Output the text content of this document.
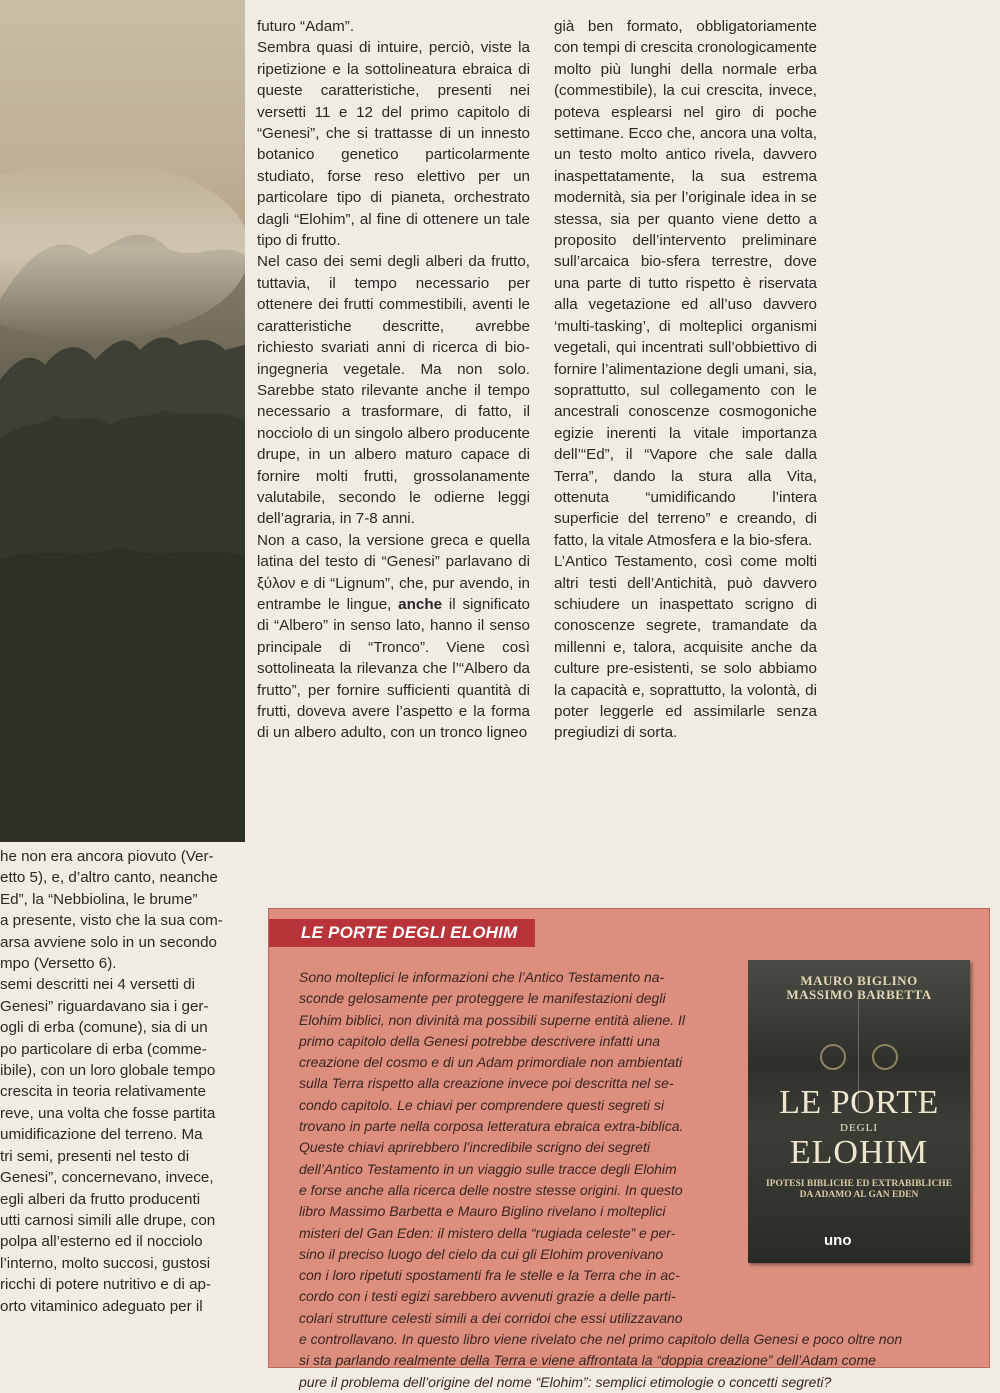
he non era ancora piovuto (Ver-
etto 5), e, d’altro canto, neanche
Ed”, la “Nebbiolina, le brume”
a presente, visto che la sua com-
arsa avviene solo in un secondo
mpo (Versetto 6).
semi descritti nei 4 versetti di
Genesi” riguardavano sia i ger-
ogli di erba (comune), sia di un
po particolare di erba (comme-
ibile), con un loro globale tempo
crescita in teoria relativamente
reve, una volta che fosse partita
umidificazione del terreno. Ma
tri semi, presenti nel testo di
Genesi”, concernevano, invece,
egli alberi da frutto producenti
utti carnosi simili alle drupe, con
polpa all’esterno ed il nocciolo
l’interno, molto succosi, gustosi
ricchi di potere nutritivo e di ap-
orto vitaminico adeguato per il

futuro “Adam”.

Sembra quasi di intuire, perciò, viste la ripetizione e la sottolineatura ebraica di queste caratteristiche, presenti nei versetti 11 e 12 del primo capitolo di “Genesi”, che si trattasse di un innesto botanico genetico particolarmente studiato, forse reso elettivo per un particolare tipo di pianeta, orchestrato dagli “Elohim”, al fine di ottenere un tale tipo di frutto.

Nel caso dei semi degli alberi da frutto, tuttavia, il tempo necessario per ottenere dei frutti commestibili, aventi le caratteristiche descritte, avrebbe richiesto svariati anni di ricerca di bio-ingegneria vegetale. Ma non solo. Sarebbe stato rilevante anche il tempo necessario a trasformare, di fatto, il nocciolo di un singolo albero producente drupe, in un albero maturo capace di fornire molti frutti, grossolanamente valutabile, secondo le odierne leggi dell’agraria, in 7-8 anni.

Non a caso, la versione greca e quella latina del testo di “Genesi” parlavano di ξύλον e di “Lignum”, che, pur avendo, in entrambe le lingue, anche il significato di “Albero” in senso lato, hanno il senso principale di “Tronco”. Viene così sottolineata la rilevanza che l’“Albero da frutto”, per fornire sufficienti quantità di frutti, doveva avere l’aspetto e la forma di un albero adulto, con un tronco ligneo

già ben formato, obbligatoriamente con tempi di crescita cronologicamente molto più lunghi della normale erba (commestibile), la cui crescita, invece, poteva esplearsi nel giro di poche settimane. Ecco che, ancora una volta, un testo molto antico rivela, davvero inaspettatamente, la sua estrema modernità, sia per l’originale idea in se stessa, sia per quanto viene detto a proposito dell’intervento preliminare sull’arcaica bio-sfera terrestre, dove una parte di tutto rispetto è riservata alla vegetazione ed all’uso davvero ‘multi-tasking’, di molteplici organismi vegetali, qui incentrati sull’obbiettivo di fornire l’alimentazione degli umani, sia, soprattutto, sul collegamento con le ancestrali conoscenze cosmogoniche egizie inerenti la vitale importanza dell’“Ed”, il “Vapore che sale dalla Terra”, dando la stura alla Vita, ottenuta “umidificando l’intera superficie del terreno” e creando, di fatto, la vitale Atmosfera e la bio-sfera.

L’Antico Testamento, così come molti altri testi dell’Antichità, può davvero schiudere un inaspettato scrigno di conoscenze segrete, tramandate da millenni e, talora, acquisite anche da culture pre-esistenti, se solo abbiamo la capacità e, soprattutto, la volontà, di poter leggerle ed assimilarle senza pregiudizi di sorta.

LE PORTE DEGLI ELOHIM
Sono molteplici le informazioni che l’Antico Testamento na-
sconde gelosamente per proteggere le manifestazioni degli
Elohim biblici, non divinità ma possibili superne entità aliene. Il
primo capitolo della Genesi potrebbe descrivere infatti una
creazione del cosmo e di un Adam primordiale non ambientati
sulla Terra rispetto alla creazione invece poi descritta nel se-
condo capitolo. Le chiavi per comprendere questi segreti si
trovano in parte nella corposa letteratura ebraica extra-biblica.
Queste chiavi aprirebbero l’incredibile scrigno dei segreti
dell’Antico Testamento in un viaggio sulle tracce degli Elohim
e forse anche alla ricerca delle nostre stesse origini. In questo
libro Massimo Barbetta e Mauro Biglino rivelano i molteplici
misteri del Gan Eden: il mistero della “rugiada celeste” e per-
sino il preciso luogo del cielo da cui gli Elohim provenivano
con i loro ripetuti spostamenti fra le stelle e la Terra che in ac-
cordo con i testi egizi sarebbero avvenuti grazie a delle parti-
colari strutture celesti simili a dei corridoi che essi utilizzavano
e controllavano. In questo libro viene rivelato che nel primo capitolo della Genesi e poco oltre non
si sta parlando realmente della Terra e viene affrontata la “doppia creazione” dell’Adam come
pure il problema dell’origine del nome “Elohim”: semplici etimologie o concetti segreti?
MAURO BIGLINO
MASSIMO BARBETTA
LE PORTE
DEGLI
ELOHIM
IPOTESI BIBLICHE ED EXTRABIBLICHE
DA ADAMO AL GAN EDEN
uno
